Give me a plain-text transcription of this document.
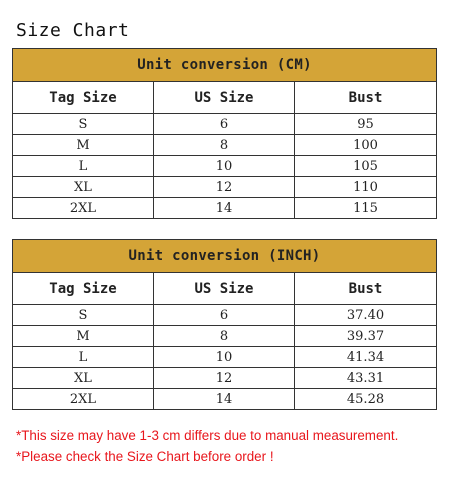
Size Chart
Unit conversion (CM)		
Tag Size	US Size	Bust
S	6	95
M	8	100
L	10	105
XL	12	110
2XL	14	115
Unit conversion (INCH)		
Tag Size	US Size	Bust
S	6	37.40
M	8	39.37
L	10	41.34
XL	12	43.31
2XL	14	45.28
*This size may have 1-3 cm differs due to manual measurement.
*Please check the Size Chart before order !
